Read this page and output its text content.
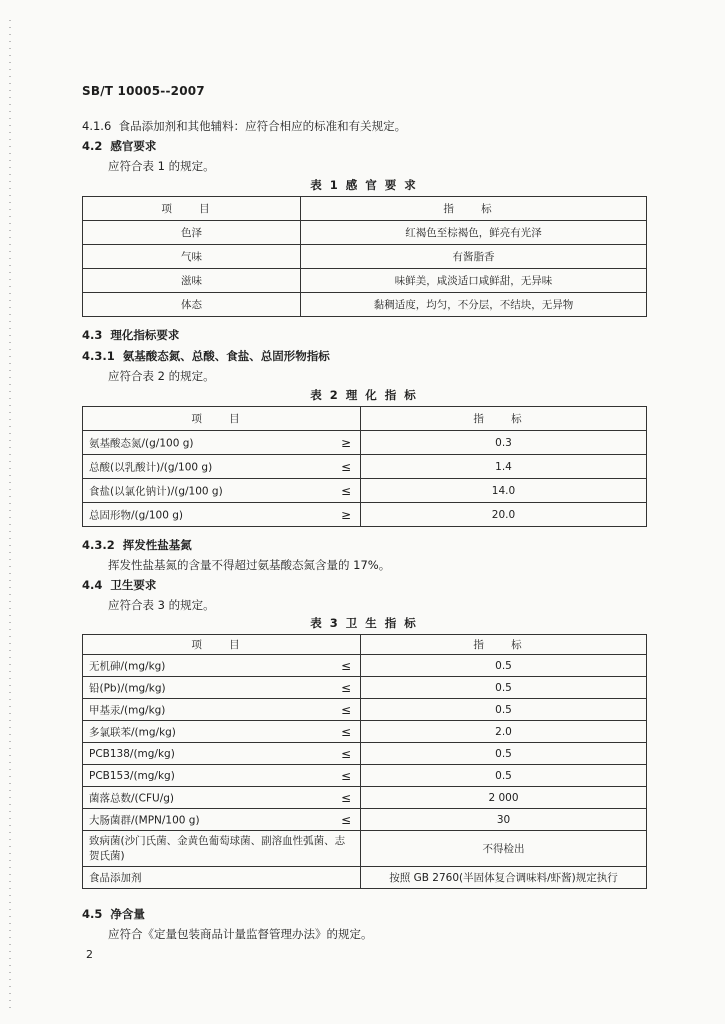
SB/T 10005--2007
4.1.6 食品添加剂和其他辅料：应符合相应的标准和有关规定。
4.2 感官要求
应符合表 1 的规定。
表 1 感 官 要 求
项 目	指 标
色泽	红褐色至棕褐色，鲜亮有光泽
气味	有酱脂香
滋味	味鲜美，咸淡适口咸鲜甜，无异味
体态	黏稠适度，均匀，不分层，不结块，无异物
4.3 理化指标要求
4.3.1 氨基酸态氮、总酸、食盐、总固形物指标
应符合表 2 的规定。
表 2 理 化 指 标
项 目	指 标

氨基酸态氮/(g/100 g) ≥	0.3

总酸(以乳酸计)/(g/100 g) ≤	1.4

食盐(以氯化钠计)/(g/100 g) ≤	14.0

总固形物/(g/100 g) ≥	20.0
4.3.2 挥发性盐基氮
挥发性盐基氮的含量不得超过氨基酸态氮含量的 17%。
4.4 卫生要求
应符合表 3 的规定。
表 3 卫 生 指 标
项 目	指 标

无机砷/(mg/kg) ≤	0.5

铅(Pb)/(mg/kg) ≤	0.5

甲基汞/(mg/kg) ≤	0.5

多氯联苯/(mg/kg) ≤	2.0

PCB138/(mg/kg) ≤	0.5

PCB153/(mg/kg) ≤	0.5

菌落总数/(CFU/g) ≤	2 000

大肠菌群/(MPN/100 g) ≤	30
致病菌(沙门氏菌、金黄色葡萄球菌、副溶血性弧菌、志贺氏菌)	不得检出
食品添加剂	按照 GB 2760(半固体复合调味料/虾酱)规定执行
4.5 净含量
应符合《定量包装商品计量监督管理办法》的规定。
2
